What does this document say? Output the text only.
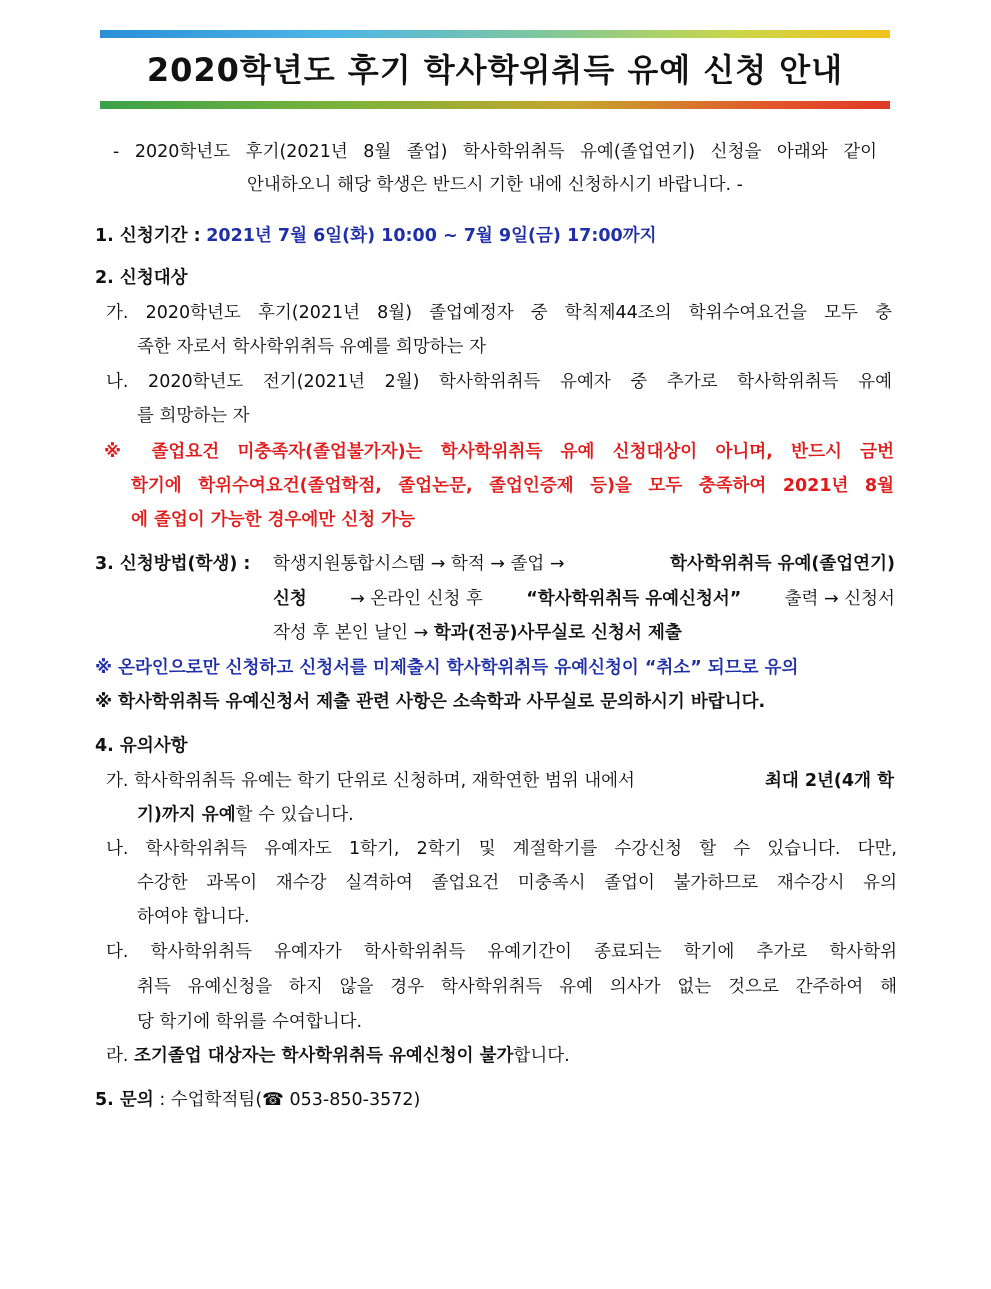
2020학년도 후기 학사학위취득 유예 신청 안내
- 2020학년도 후기(2021년 8월 졸업) 학사학위취득 유예(졸업연기) 신청을 아래와 같이
안내하오니 해당 학생은 반드시 기한 내에 신청하시기 바랍니다. -
1. 신청기간 : 2021년 7월 6일(화) 10:00 ~ 7월 9일(금) 17:00까지
2. 신청대상
가. 2020학년도 후기(2021년 8월) 졸업예정자 중 학칙제44조의 학위수여요건을 모두 충
족한 자로서 학사학위취득 유예를 희망하는 자
나. 2020학년도 전기(2021년 2월) 학사학위취득 유예자 중 추가로 학사학위취득 유예
를 희망하는 자
※ 졸업요건 미충족자(졸업불가자)는 학사학위취득 유예 신청대상이 아니며, 반드시 금번
학기에 학위수여요건(졸업학점, 졸업논문, 졸업인증제 등)을 모두 충족하여 2021년 8월
에 졸업이 가능한 경우에만 신청 가능
3. 신청방법(학생) : 학생지원통합시스템 → 학적 → 졸업 →	학사학위취득 유예(졸업연기)
신청 → 온라인 신청 후 “학사학위취득 유예신청서” 출력 → 신청서
작성 후 본인 날인 → 학과(전공)사무실로 신청서 제출
※ 온라인으로만 신청하고 신청서를 미제출시 학사학위취득 유예신청이 “취소” 되므로 유의
※ 학사학위취득 유예신청서 제출 관련 사항은 소속학과 사무실로 문의하시기 바랍니다.
4. 유의사항
가. 학사학위취득 유예는 학기 단위로 신청하며, 재학연한 범위 내에서	최대 2년(4개 학
기)까지 유예할 수 있습니다.
나. 학사학위취득 유예자도 1학기, 2학기 및 계절학기를 수강신청 할 수 있습니다. 다만,
수강한 과목이 재수강 실격하여 졸업요건 미충족시 졸업이 불가하므로 재수강시 유의
하여야 합니다.
다. 학사학위취득 유예자가 학사학위취득 유예기간이 종료되는 학기에 추가로 학사학위
취득 유예신청을 하지 않을 경우 학사학위취득 유예 의사가 없는 것으로 간주하여 해
당 학기에 학위를 수여합니다.
라. 조기졸업 대상자는 학사학위취득 유예신청이 불가합니다.
5. 문의 : 수업학적팀(☎ 053-850-3572)
